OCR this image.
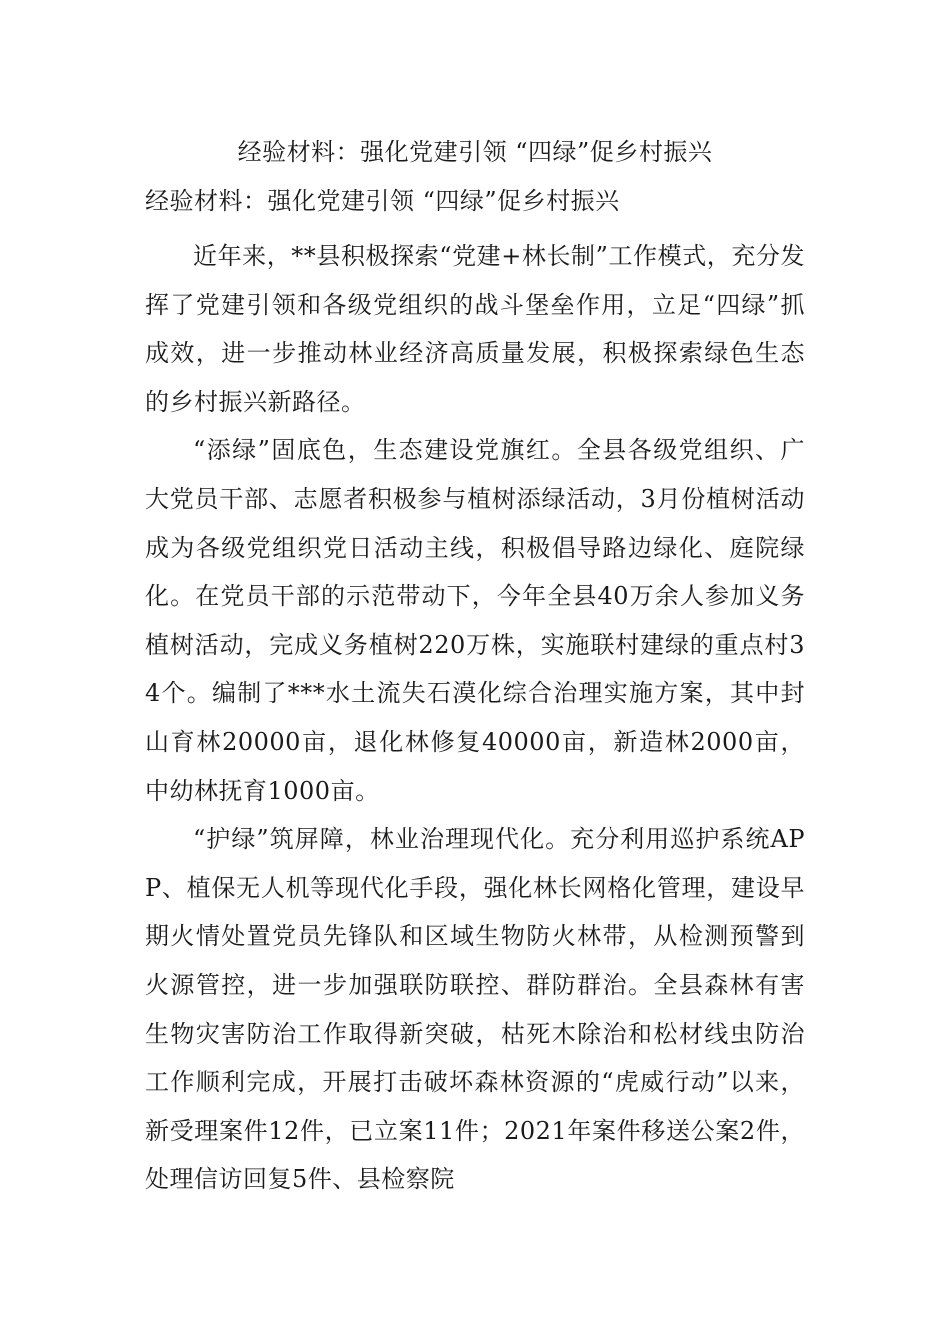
经验材料：强化党建引领 “四绿”促乡村振兴
经验材料：强化党建引领 “四绿”促乡村振兴

近年来，**县积极探索“党建+林长制”工作模式，充分发挥了党建引领和各级党组织的战斗堡垒作用，立足“四绿”抓成效，进一步推动林业经济高质量发展，积极探索绿色生态的乡村振兴新路径。

“添绿”固底色，生态建设党旗红。全县各级党组织、广大党员干部、志愿者积极参与植树添绿活动，3月份植树活动成为各级党组织党日活动主线，积极倡导路边绿化、庭院绿化。在党员干部的示范带动下，今年全县40万余人参加义务植树活动，完成义务植树220万株，实施联村建绿的重点村34个。编制了***水土流失石漠化综合治理实施方案，其中封山育林20000亩，退化林修复40000亩，新造林2000亩，中幼林抚育1000亩。

“护绿”筑屏障，林业治理现代化。充分利用巡护系统APP、植保无人机等现代化手段，强化林长网格化管理，建设早期火情处置党员先锋队和区域生物防火林带，从检测预警到火源管控，进一步加强联防联控、群防群治。全县森林有害生物灾害防治工作取得新突破，枯死木除治和松材线虫防治工作顺利完成，开展打击破坏森林资源的“虎威行动”以来，新受理案件12件，已立案11件；2021年案件移送公案2件，处理信访回复5件、县检察院
